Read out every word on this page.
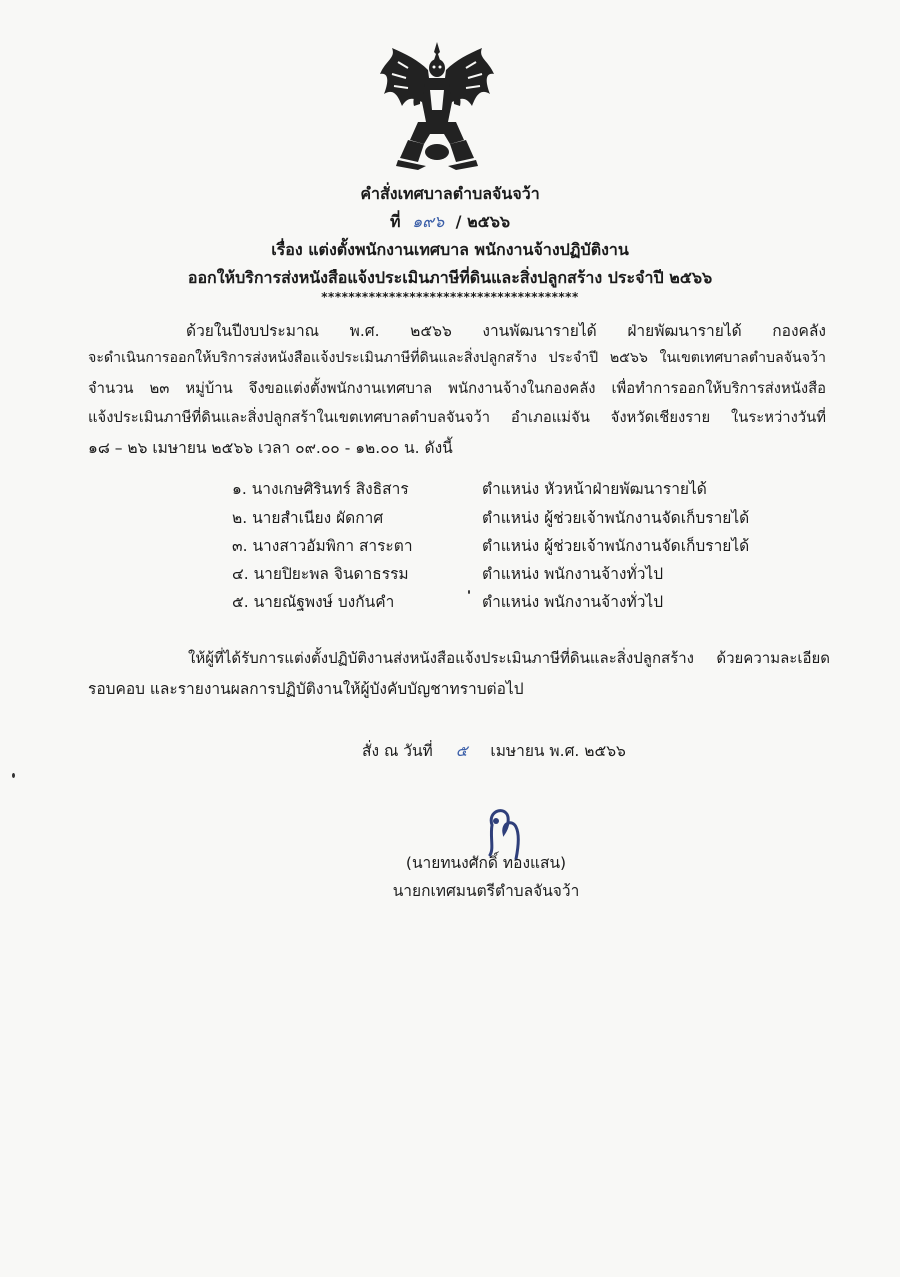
คำสั่งเทศบาลตำบลจันจว้า
ที่ ๑๙๖ / ๒๕๖๖
เรื่อง แต่งตั้งพนักงานเทศบาล พนักงานจ้างปฏิบัติงาน
ออกให้บริการส่งหนังสือแจ้งประเมินภาษีที่ดินและสิ่งปลูกสร้าง ประจำปี ๒๕๖๖
**************************************
ด้วยในปีงบประมาณ พ.ศ. ๒๕๖๖ งานพัฒนารายได้ ฝ่ายพัฒนารายได้ กองคลัง
จะดำเนินการออกให้บริการส่งหนังสือแจ้งประเมินภาษีที่ดินและสิ่งปลูกสร้าง ประจำปี ๒๕๖๖ ในเขตเทศบาลตำบลจันจว้า
จำนวน ๒๓ หมู่บ้าน จึงขอแต่งตั้งพนักงานเทศบาล พนักงานจ้างในกองคลัง เพื่อทำการออกให้บริการส่งหนังสือ
แจ้งประเมินภาษีที่ดินและสิ่งปลูกสร้าในเขตเทศบาลตำบลจันจว้า อำเภอแม่จัน จังหวัดเชียงราย ในระหว่างวันที่
๑๘ – ๒๖ เมษายน ๒๕๖๖ เวลา ๐๙.๐๐ - ๑๒.๐๐ น. ดังนี้
๑. นางเกษศิรินทร์ สิงธิสาร	ตำแหน่ง หัวหน้าฝ่ายพัฒนารายได้
๒. นายสำเนียง ผัดกาศ	ตำแหน่ง ผู้ช่วยเจ้าพนักงานจัดเก็บรายได้
๓. นางสาวอัมพิกา สาระตา	ตำแหน่ง ผู้ช่วยเจ้าพนักงานจัดเก็บรายได้
๔. นายปิยะพล จินดาธรรม	ตำแหน่ง พนักงานจ้างทั่วไป
๕. นายณัฐพงษ์ บงกันคำ	ตำแหน่ง พนักงานจ้างทั่วไป
ให้ผู้ที่ได้รับการแต่งตั้งปฏิบัติงานส่งหนังสือแจ้งประเมินภาษีที่ดินและสิ่งปลูกสร้าง ด้วยความละเอียด
รอบคอบ และรายงานผลการปฏิบัติงานให้ผู้บังคับบัญชาทราบต่อไป
สั่ง ณ วันที่ ๕ เมษายน พ.ศ. ๒๕๖๖
(นายทนงศักดิ์ ทองแสน)
นายกเทศมนตรีตำบลจันจว้า
